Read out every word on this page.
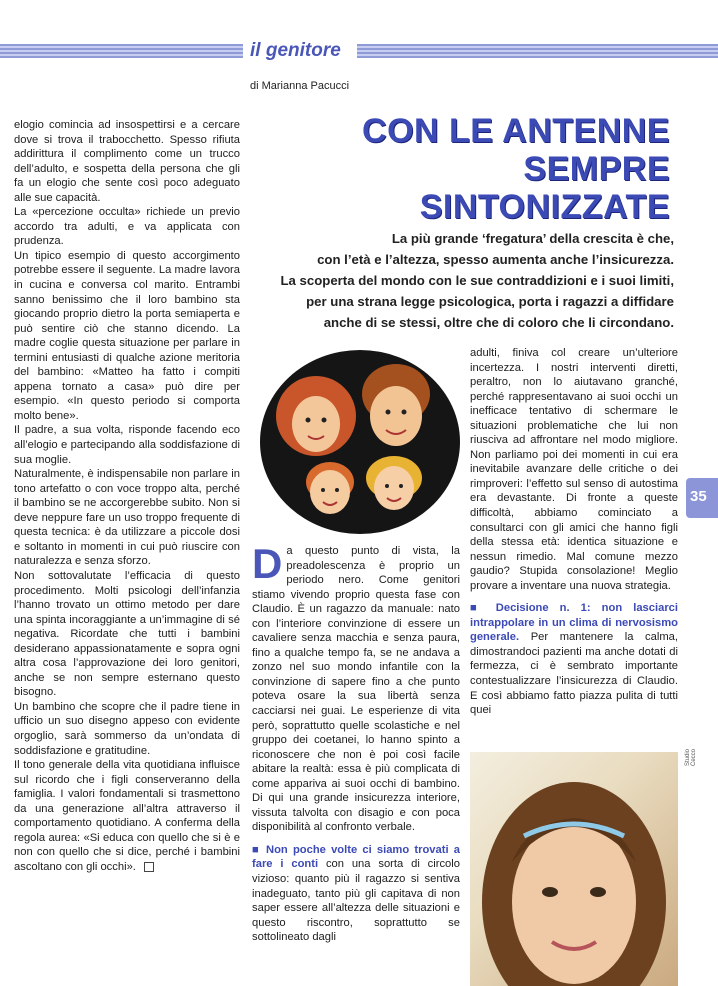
il genitore
di Marianna Pacucci
CON LE ANTENNE
SEMPRE
SINTONIZZATE
La più grande ‘fregatura’ della crescita è che,
con l’età e l’altezza, spesso aumenta anche l’insicurezza.
La scoperta del mondo con le sue contraddizioni e i suoi limiti,
per una strana legge psicologica, porta i ragazzi a diffidare
anche di se stessi, oltre che di coloro che li circondano.

elogio comincia ad insospettirsi e a cercare dove si trova il trabocchetto. Spesso rifiuta addirittura il complimento come un trucco dell’adulto, e sospetta della persona che gli fa un elogio che sente così poco adeguato alle sue capacità.

La «percezione occulta» richiede un previo accordo tra adulti, e va applicata con prudenza.

Un tipico esempio di questo accorgimento potrebbe essere il seguente. La madre lavora in cucina e conversa col marito. Entrambi sanno benissimo che il loro bambino sta giocando proprio dietro la porta semiaperta e può sentire ciò che stanno dicendo. La madre coglie questa situazione per parlare in termini entusiasti di qualche azione meritoria del bambino: «Matteo ha fatto i compiti appena tornato a casa» può dire per esempio. «In questo periodo si comporta molto bene».

Il padre, a sua volta, risponde facendo eco all’elogio e partecipando alla soddisfazione di sua moglie.

Naturalmente, è indispensabile non parlare in tono artefatto o con voce troppo alta, perché il bambino se ne accorgerebbe subito. Non si deve neppure fare un uso troppo frequente di questa tecnica: è da utilizzare a piccole dosi e soltanto in momenti in cui può riuscire con naturalezza e senza sforzo.

Non sottovalutate l’efficacia di questo procedimento. Molti psicologi dell’infanzia l’hanno trovato un ottimo metodo per dare una spinta incoraggiante a un’immagine di sé negativa. Ricordate che tutti i bambini desiderano appassionatamente e sopra ogni altra cosa l’approvazione dei loro genitori, anche se non sempre esternano questo bisogno.

Un bambino che scopre che il padre tiene in ufficio un suo disegno appeso con evidente orgoglio, sarà sommerso da un’ondata di soddisfazione e gratitudine.

Il tono generale della vita quotidiana influisce sul ricordo che i figli conserveranno della famiglia. I valori fondamentali si trasmettono da una generazione all’altra attraverso il comportamento quotidiano. A conferma della regola aurea: «Si educa con quello che si è e non con quello che si dice, perché i bambini ascoltano con gli occhi».

Da questo punto di vista, la preadolescenza è proprio un periodo nero. Come genitori stiamo vivendo proprio questa fase con Claudio. È un ragazzo da manuale: nato con l’interiore convinzione di essere un cavaliere senza macchia e senza paura, fino a qualche tempo fa, se ne andava a zonzo nel suo mondo infantile con la convinzione di sapere fino a che punto poteva osare la sua libertà senza cacciarsi nei guai. Le esperienze di vita però, soprattutto quelle scolastiche e nel gruppo dei coetanei, lo hanno spinto a riconoscere che non è poi così facile abitare la realtà: essa è più complicata di come appariva ai suoi occhi di bambino. Di qui una grande insicurezza interiore, vissuta talvolta con disagio e con poca disponibilità al confronto verbale.

■ Non poche volte ci siamo trovati a fare i conti con una sorta di circolo vizioso: quanto più il ragazzo si sentiva inadeguato, tanto più gli capitava di non saper essere all’altezza delle situazioni e questo riscontro, soprattutto se sottolineato dagli

adulti, finiva col creare un’ulteriore incertezza. I nostri interventi diretti, peraltro, non lo aiutavano granché, perché rappresentavano ai suoi occhi un inefficace tentativo di schermare le situazioni problematiche che lui non riusciva ad affrontare nel modo migliore. Non parliamo poi dei momenti in cui era inevitabile avanzare delle critiche o dei rimproveri: l’effetto sul senso di autostima era devastante. Di fronte a queste difficoltà, abbiamo cominciato a consultarci con gli amici che hanno figli della stessa età: identica situazione e nessun rimedio. Mal comune mezzo gaudio? Stupida consolazione! Meglio provare a inventare una nuova strategia.

■ Decisione n. 1: non lasciarci intrappolare in un clima di nervosismo generale. Per mantenere la calma, dimostrandoci pazienti ma anche dotati di fermezza, ci è sembrato importante contestualizzare l’insicurezza di Claudio. E così abbiamo fatto piazza pulita di tutti quei

Studio Cecco
35
